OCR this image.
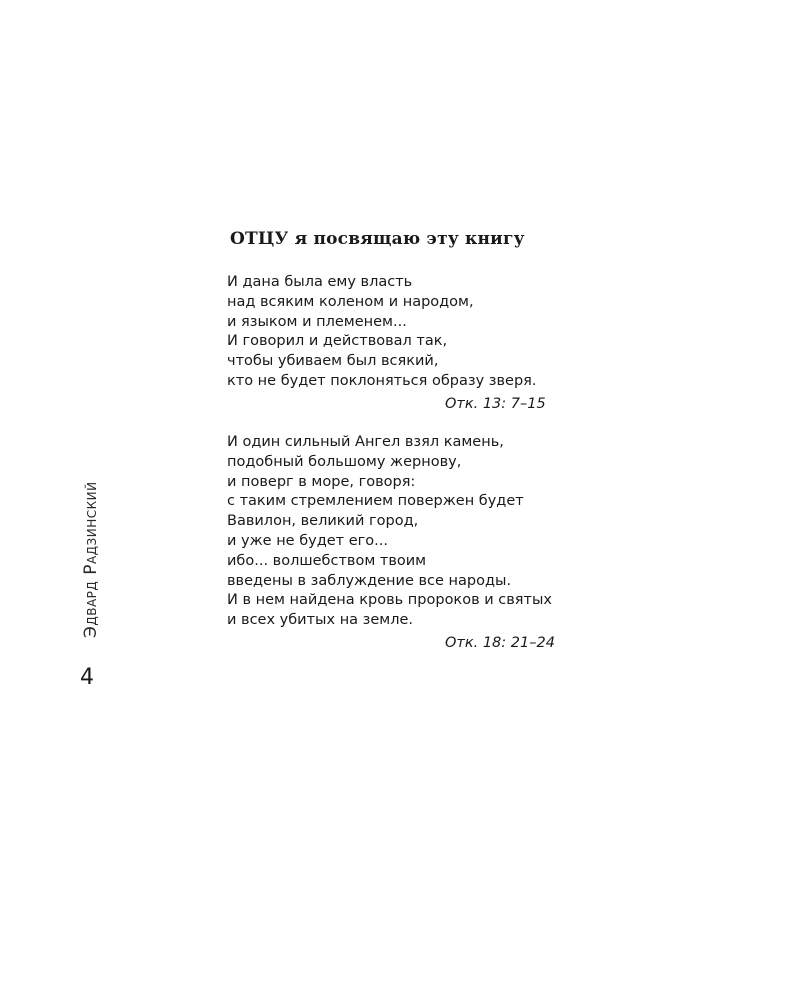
Эдвард Радзинский
4
ОТЦУ я посвящаю эту книгу
И дана была ему власть
над всяким коленом и народом,
и языком и племенем...
И говорил и действовал так,
чтобы убиваем был всякий,
кто не будет поклоняться образу зверя.
Отк. 13: 7–15
И один сильный Ангел взял камень,
подобный большому жернову,
и поверг в море, говоря:
с таким стремлением повержен будет
Вавилон, великий город,
и уже не будет его...
ибо... волшебством твоим
введены в заблуждение все народы.
И в нем найдена кровь пророков и святых
и всех убитых на земле.
Отк. 18: 21–24
